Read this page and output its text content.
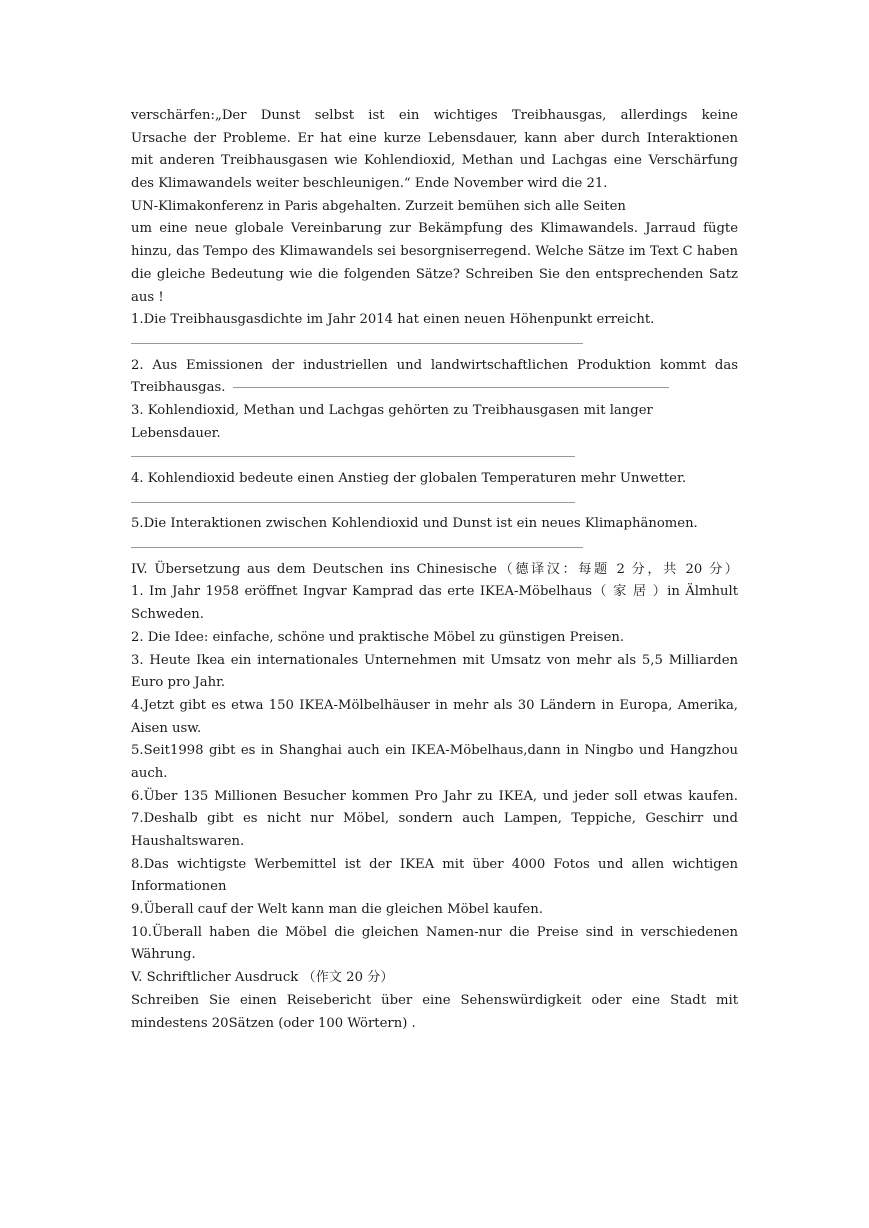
verschärfen:„Der Dunst selbst ist ein wichtiges Treibhausgas, allerdings keine
Ursache der Probleme. Er hat eine kurze Lebensdauer, kann aber durch Interaktionen
mit anderen Treibhausgasen wie Kohlendioxid, Methan und Lachgas eine Verschärfung
des Klimawandels weiter beschleunigen.“ Ende November wird die 21.
UN-Klimakonferenz in Paris abgehalten. Zurzeit bemühen sich alle Seiten
um eine neue globale Vereinbarung zur Bekämpfung des Klimawandels. Jarraud fügte
hinzu, das Tempo des Klimawandels sei besorgniserregend. Welche Sätze im Text C haben
die gleiche Bedeutung wie die folgenden Sätze? Schreiben Sie den entsprechenden Satz
aus !
1.Die Treibhausgasdichte im Jahr 2014 hat einen neuen Höhenpunkt erreicht.
2. Aus Emissionen der industriellen und landwirtschaftlichen Produktion kommt das
Treibhausgas.
3. Kohlendioxid, Methan und Lachgas gehörten zu Treibhausgasen mit langer
Lebensdauer.
4. Kohlendioxid bedeute einen Anstieg der globalen Temperaturen mehr Unwetter.
5.Die Interaktionen zwischen Kohlendioxid und Dunst ist ein neues Klimaphänomen.
IV. Übersetzung aus dem Deutschen ins Chinesische（德译汉：每题 2 分，共 20 分）
1. Im Jahr 1958 eröffnet Ingvar Kamprad das erte IKEA-Möbelhaus（ 家 居 ）in Älmhult
Schweden.
2. Die Idee: einfache, schöne und praktische Möbel zu günstigen Preisen.
3. Heute Ikea ein internationales Unternehmen mit Umsatz von mehr als 5,5 Milliarden
Euro pro Jahr.
4.Jetzt gibt es etwa 150 IKEA-Mölbelhäuser in mehr als 30 Ländern in Europa, Amerika,
Aisen usw.
5.Seit1998 gibt es in Shanghai auch ein IKEA-Möbelhaus,dann in Ningbo und Hangzhou
auch.
6.Über 135 Millionen Besucher kommen Pro Jahr zu IKEA, und jeder soll etwas kaufen.
7.Deshalb gibt es nicht nur Möbel, sondern auch Lampen, Teppiche, Geschirr und
Haushaltswaren.
8.Das wichtigste Werbemittel ist der IKEA mit über 4000 Fotos und allen wichtigen
Informationen
9.Überall cauf der Welt kann man die gleichen Möbel kaufen.
10.Überall haben die Möbel die gleichen Namen-nur die Preise sind in verschiedenen
Währung.
V. Schriftlicher Ausdruck （作文 20 分）
Schreiben Sie einen Reisebericht über eine Sehenswürdigkeit oder eine Stadt mit
mindestens 20Sätzen (oder 100 Wörtern) .
